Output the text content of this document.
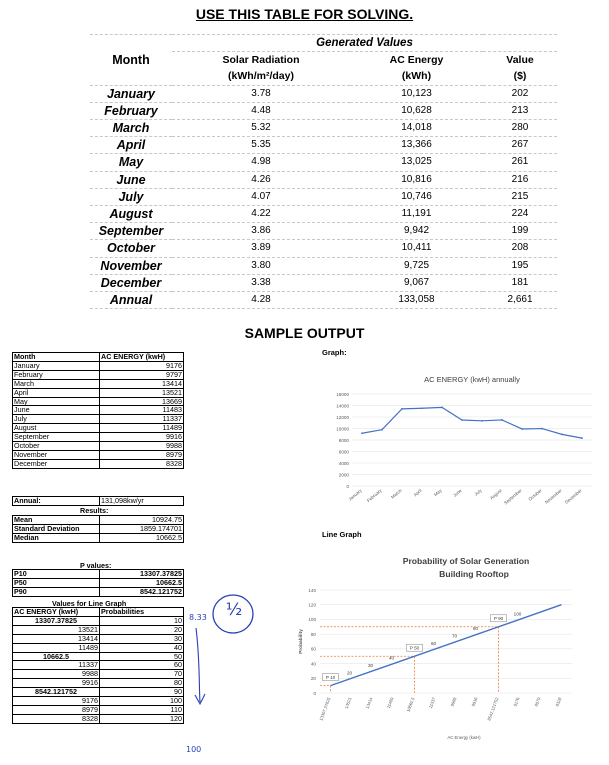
USE THIS TABLE FOR SOLVING.
Month	Generated Values		
	Solar Radiation	AC Energy	Value
	(kWh/m²/day)	(kWh)	($)
January	3.78	10,123	202
February	4.48	10,628	213
March	5.32	14,018	280
April	5.35	13,366	267
May	4.98	13,025	261
June	4.26	10,816	216
July	4.07	10,746	215
August	4.22	11,191	224
September	3.86	9,942	199
October	3.89	10,411	208
November	3.80	9,725	195
December	3.38	9,067	181
Annual	4.28	133,058	2,661
SAMPLE OUTPUT
Month	AC ENERGY (kwH)
January	9176
February	9797
March	13414
April	13521
May	13669
June	11483
July	11337
August	11489
September	9916
October	9988
November	8979
December	8328
Annual:	131,098kw/yr
Results:
Mean	10924.75
Standard Deviation	1859.174701
Median	10662.5
P values:
P10	13307.37825
P50	10662.5
P90	8542.121752
Values for Line Graph
AC ENERGY (kwH)	Probabilities
13307.37825	10
13521	20
13414	30
11489	40
10662.5	50
11337	60
9988	70
9916	80
8542.121752	90
9176	100
8979	110
8328	120
8.33
100
½
Graph:
Line Graph
AC ENERGY (kwH) annually
0
2000
4000
6000
8000
10000
12000
14000
16000
January February March April May June July August September October November December
Probability of Solar Generation
Building Rooftop
0
20
40
60
80
100
120
140
Probability
AC Energy (kwH)
13307.37825
P 10
13521
20
13414
30
11489
40
10662.5
P 50
11337
60
9988
70
9916
80
8542.121752
P 90
9176
100
8979	8328
